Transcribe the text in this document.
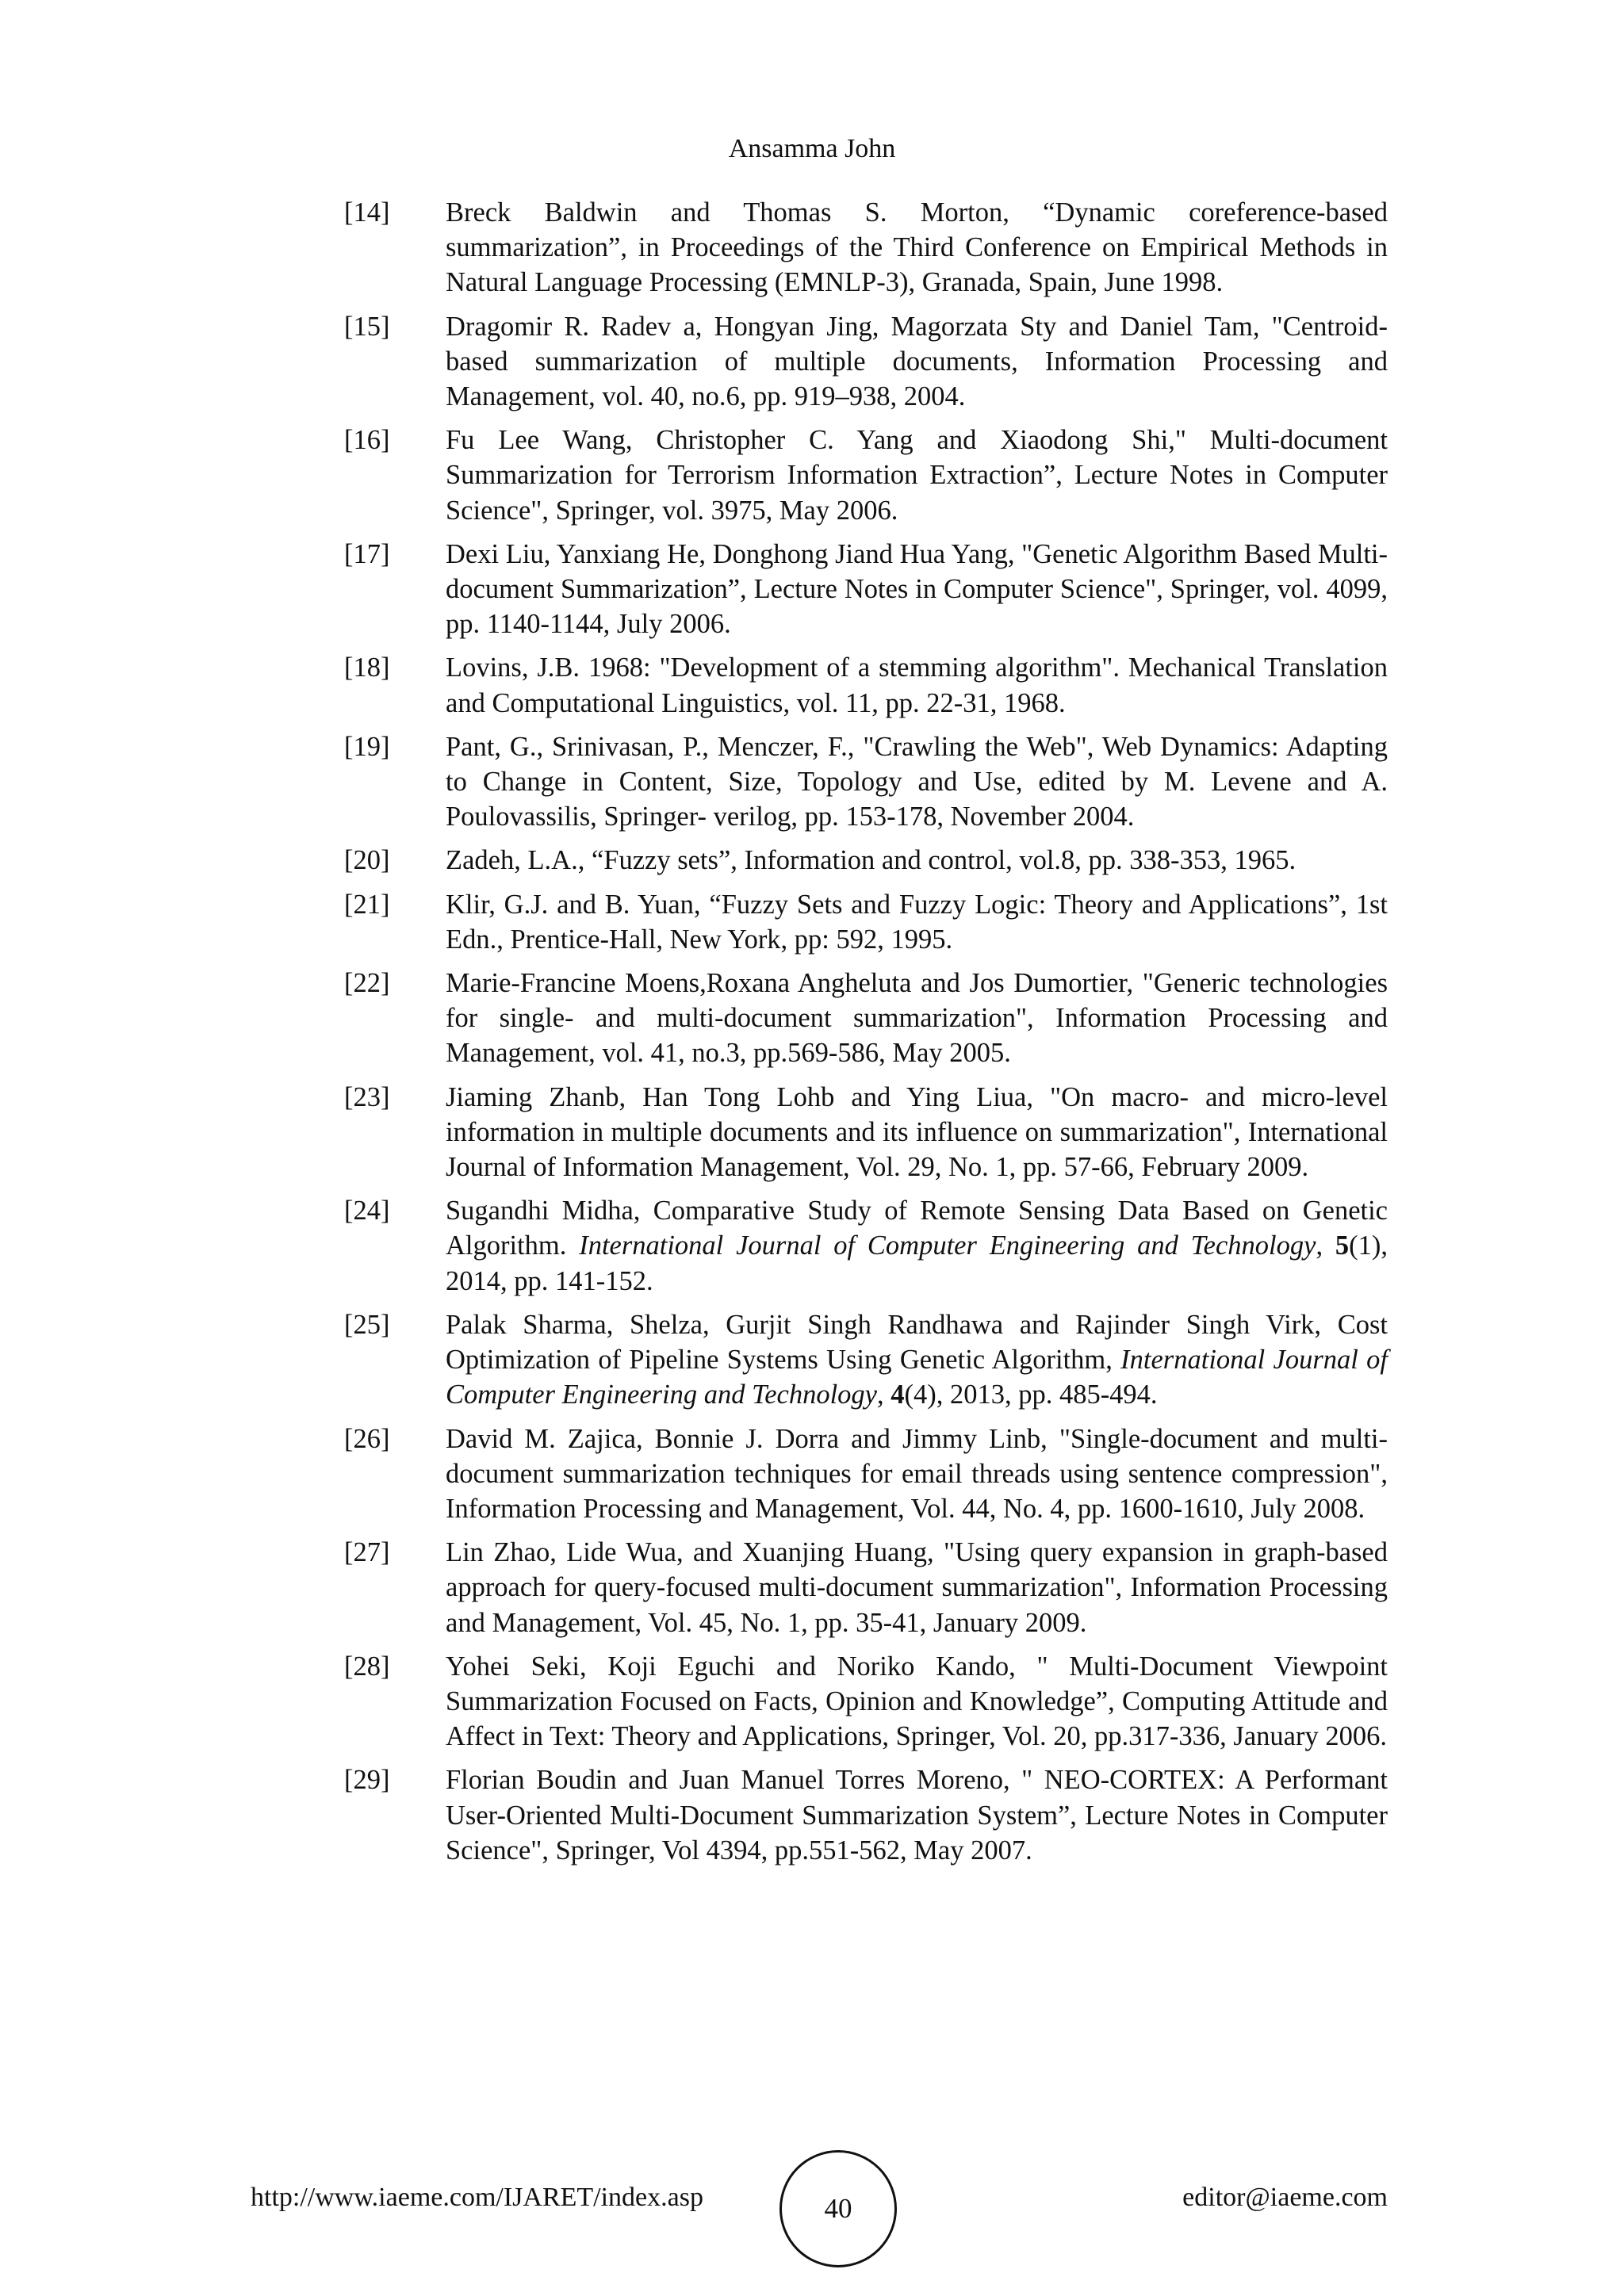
Ansamma John
[14]	Breck Baldwin and Thomas S. Morton, “Dynamic coreference-based summarization”, in Proceedings of the Third Conference on Empirical Methods in Natural Language Processing (EMNLP-3), Granada, Spain, June 1998.
[15]	Dragomir R. Radev a, Hongyan Jing, Magorzata Sty and Daniel Tam, "Centroid-based summarization of multiple documents, Information Processing and Management, vol. 40, no.6, pp. 919–938, 2004.
[16]	Fu Lee Wang, Christopher C. Yang and Xiaodong Shi," Multi-document Summarization for Terrorism Information Extraction”, Lecture Notes in Computer Science", Springer, vol. 3975, May 2006.
[17]	Dexi Liu, Yanxiang He, Donghong Jiand Hua Yang, "Genetic Algorithm Based Multi-document Summarization”, Lecture Notes in Computer Science", Springer, vol. 4099, pp. 1140-1144, July 2006.
[18]	Lovins, J.B. 1968: "Development of a stemming algorithm". Mechanical Translation and Computational Linguistics, vol. 11, pp. 22-31, 1968.
[19]	Pant, G., Srinivasan, P., Menczer, F., "Crawling the Web", Web Dynamics: Adapting to Change in Content, Size, Topology and Use, edited by M. Levene and A. Poulovassilis, Springer- verilog, pp. 153-178, November 2004.
[20]	Zadeh, L.A., “Fuzzy sets”, Information and control, vol.8, pp. 338-353, 1965.
[21]	Klir, G.J. and B. Yuan, “Fuzzy Sets and Fuzzy Logic: Theory and Applications”, 1st Edn., Prentice-Hall, New York, pp: 592, 1995.
[22]	Marie-Francine Moens,Roxana Angheluta and Jos Dumortier, "Generic technologies for single- and multi-document summarization", Information Processing and Management, vol. 41, no.3, pp.569-586, May 2005.
[23]	Jiaming Zhanb, Han Tong Lohb and Ying Liua, "On macro- and micro-level information in multiple documents and its influence on summarization", International Journal of Information Management, Vol. 29, No. 1, pp. 57-66, February 2009.
[24]	Sugandhi Midha, Comparative Study of Remote Sensing Data Based on Genetic Algorithm. International Journal of Computer Engineering and Technology, 5(1), 2014, pp. 141-152.
[25]	Palak Sharma, Shelza, Gurjit Singh Randhawa and Rajinder Singh Virk, Cost Optimization of Pipeline Systems Using Genetic Algorithm, International Journal of Computer Engineering and Technology, 4(4), 2013, pp. 485-494.
[26]	David M. Zajica, Bonnie J. Dorra and Jimmy Linb, "Single-document and multi-document summarization techniques for email threads using sentence compression", Information Processing and Management, Vol. 44, No. 4, pp. 1600-1610, July 2008.
[27]	Lin Zhao, Lide Wua, and Xuanjing Huang, "Using query expansion in graph-based approach for query-focused multi-document summarization", Information Processing and Management, Vol. 45, No. 1, pp. 35-41, January 2009.
[28]	Yohei Seki, Koji Eguchi and Noriko Kando, " Multi-Document Viewpoint Summarization Focused on Facts, Opinion and Knowledge”, Computing Attitude and Affect in Text: Theory and Applications, Springer, Vol. 20, pp.317-336, January 2006.
[29]	Florian Boudin and Juan Manuel Torres Moreno, " NEO-CORTEX: A Performant User-Oriented Multi-Document Summarization System”, Lecture Notes in Computer Science", Springer, Vol 4394, pp.551-562, May 2007.
http://www.iaeme.com/IJARET/index.asp	40	editor@iaeme.com
